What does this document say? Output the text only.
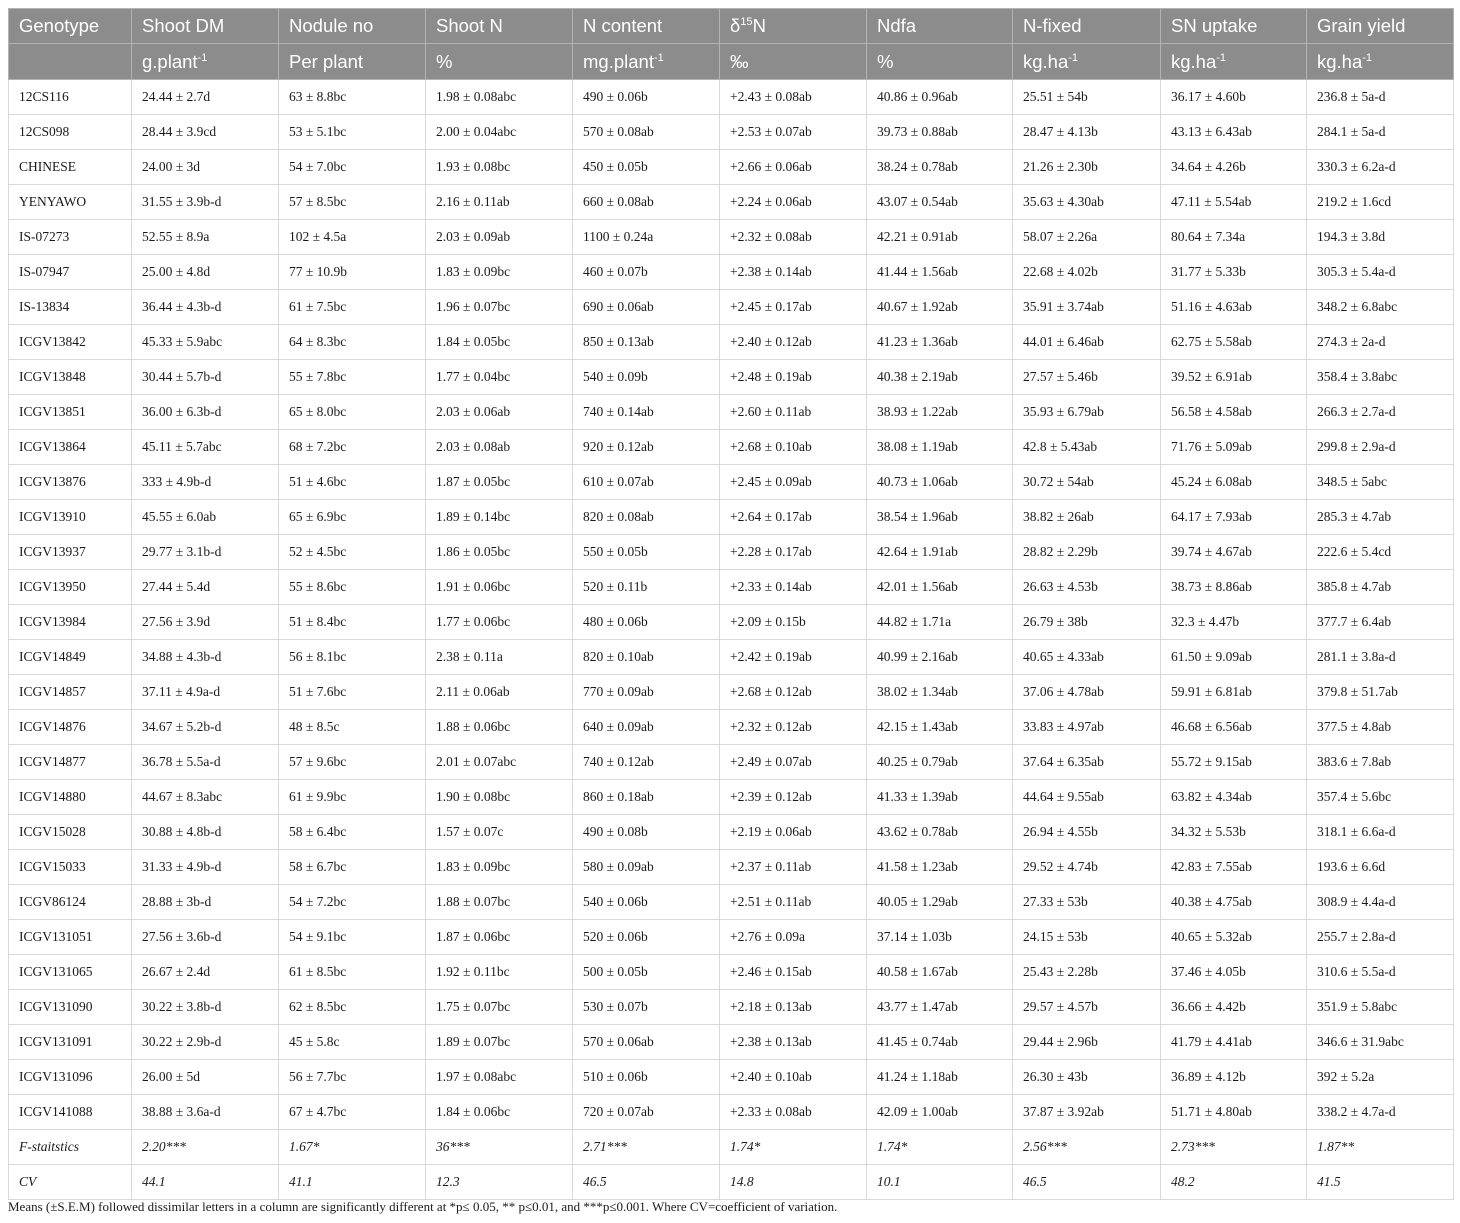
Genotype	Shoot DM	Nodule no	Shoot N	N content	$\delta^{15}N$	Ndfa	N-fixed	SN uptake	Grain yield
	g.plant$^{-1}$	Per plant	%	mg.plant$^{-1}$	‰	%	$kg.ha^{-1}$	$kg.ha^{-1}$	$kg.ha^{-1}$
12CS116	24.44 ± 2.7d	63 ± 8.8bc	1.98 ± 0.08abc	490 ± 0.06b	+2.43 ± 0.08ab	40.86 ± 0.96ab	25.51 ± 54b	36.17 ± 4.60b	236.8 ± 5a-d
12CS098	28.44 ± 3.9cd	53 ± 5.1bc	2.00 ± 0.04abc	570 ± 0.08ab	+2.53 ± 0.07ab	39.73 ± 0.88ab	28.47 ± 4.13b	43.13 ± 6.43ab	284.1 ± 5a-d
CHINESE	24.00 ± 3d	54 ± 7.0bc	1.93 ± 0.08bc	450 ± 0.05b	+2.66 ± 0.06ab	38.24 ± 0.78ab	21.26 ± 2.30b	34.64 ± 4.26b	330.3 ± 6.2a-d
YENYAWO	31.55 ± 3.9b-d	57 ± 8.5bc	2.16 ± 0.11ab	660 ± 0.08ab	+2.24 ± 0.06ab	43.07 ± 0.54ab	35.63 ± 4.30ab	47.11 ± 5.54ab	219.2 ± 1.6cd
IS-07273	52.55 ± 8.9a	102 ± 4.5a	2.03 ± 0.09ab	1100 ± 0.24a	+2.32 ± 0.08ab	42.21 ± 0.91ab	58.07 ± 2.26a	80.64 ± 7.34a	194.3 ± 3.8d
IS-07947	25.00 ± 4.8d	77 ± 10.9b	1.83 ± 0.09bc	460 ± 0.07b	+2.38 ± 0.14ab	41.44 ± 1.56ab	22.68 ± 4.02b	31.77 ± 5.33b	305.3 ± 5.4a-d
IS-13834	36.44 ± 4.3b-d	61 ± 7.5bc	1.96 ± 0.07bc	690 ± 0.06ab	+2.45 ± 0.17ab	40.67 ± 1.92ab	35.91 ± 3.74ab	51.16 ± 4.63ab	348.2 ± 6.8abc
ICGV13842	45.33 ± 5.9abc	64 ± 8.3bc	1.84 ± 0.05bc	850 ± 0.13ab	+2.40 ± 0.12ab	41.23 ± 1.36ab	44.01 ± 6.46ab	62.75 ± 5.58ab	274.3 ± 2a-d
ICGV13848	30.44 ± 5.7b-d	55 ± 7.8bc	1.77 ± 0.04bc	540 ± 0.09b	+2.48 ± 0.19ab	40.38 ± 2.19ab	27.57 ± 5.46b	39.52 ± 6.91ab	358.4 ± 3.8abc
ICGV13851	36.00 ± 6.3b-d	65 ± 8.0bc	2.03 ± 0.06ab	740 ± 0.14ab	+2.60 ± 0.11ab	38.93 ± 1.22ab	35.93 ± 6.79ab	56.58 ± 4.58ab	266.3 ± 2.7a-d
ICGV13864	45.11 ± 5.7abc	68 ± 7.2bc	2.03 ± 0.08ab	920 ± 0.12ab	+2.68 ± 0.10ab	38.08 ± 1.19ab	42.8 ± 5.43ab	71.76 ± 5.09ab	299.8 ± 2.9a-d
ICGV13876	333 ± 4.9b-d	51 ± 4.6bc	1.87 ± 0.05bc	610 ± 0.07ab	+2.45 ± 0.09ab	40.73 ± 1.06ab	30.72 ± 54ab	45.24 ± 6.08ab	348.5 ± 5abc
ICGV13910	45.55 ± 6.0ab	65 ± 6.9bc	1.89 ± 0.14bc	820 ± 0.08ab	+2.64 ± 0.17ab	38.54 ± 1.96ab	38.82 ± 26ab	64.17 ± 7.93ab	285.3 ± 4.7ab
ICGV13937	29.77 ± 3.1b-d	52 ± 4.5bc	1.86 ± 0.05bc	550 ± 0.05b	+2.28 ± 0.17ab	42.64 ± 1.91ab	28.82 ± 2.29b	39.74 ± 4.67ab	222.6 ± 5.4cd
ICGV13950	27.44 ± 5.4d	55 ± 8.6bc	1.91 ± 0.06bc	520 ± 0.11b	+2.33 ± 0.14ab	42.01 ± 1.56ab	26.63 ± 4.53b	38.73 ± 8.86ab	385.8 ± 4.7ab
ICGV13984	27.56 ± 3.9d	51 ± 8.4bc	1.77 ± 0.06bc	480 ± 0.06b	+2.09 ± 0.15b	44.82 ± 1.71a	26.79 ± 38b	32.3 ± 4.47b	377.7 ± 6.4ab
ICGV14849	34.88 ± 4.3b-d	56 ± 8.1bc	2.38 ± 0.11a	820 ± 0.10ab	+2.42 ± 0.19ab	40.99 ± 2.16ab	40.65 ± 4.33ab	61.50 ± 9.09ab	281.1 ± 3.8a-d
ICGV14857	37.11 ± 4.9a-d	51 ± 7.6bc	2.11 ± 0.06ab	770 ± 0.09ab	+2.68 ± 0.12ab	38.02 ± 1.34ab	37.06 ± 4.78ab	59.91 ± 6.81ab	379.8 ± 51.7ab
ICGV14876	34.67 ± 5.2b-d	48 ± 8.5c	1.88 ± 0.06bc	640 ± 0.09ab	+2.32 ± 0.12ab	42.15 ± 1.43ab	33.83 ± 4.97ab	46.68 ± 6.56ab	377.5 ± 4.8ab
ICGV14877	36.78 ± 5.5a-d	57 ± 9.6bc	2.01 ± 0.07abc	740 ± 0.12ab	+2.49 ± 0.07ab	40.25 ± 0.79ab	37.64 ± 6.35ab	55.72 ± 9.15ab	383.6 ± 7.8ab
ICGV14880	44.67 ± 8.3abc	61 ± 9.9bc	1.90 ± 0.08bc	860 ± 0.18ab	+2.39 ± 0.12ab	41.33 ± 1.39ab	44.64 ± 9.55ab	63.82 ± 4.34ab	357.4 ± 5.6bc
ICGV15028	30.88 ± 4.8b-d	58 ± 6.4bc	1.57 ± 0.07c	490 ± 0.08b	+2.19 ± 0.06ab	43.62 ± 0.78ab	26.94 ± 4.55b	34.32 ± 5.53b	318.1 ± 6.6a-d
ICGV15033	31.33 ± 4.9b-d	58 ± 6.7bc	1.83 ± 0.09bc	580 ± 0.09ab	+2.37 ± 0.11ab	41.58 ± 1.23ab	29.52 ± 4.74b	42.83 ± 7.55ab	193.6 ± 6.6d
ICGV86124	28.88 ± 3b-d	54 ± 7.2bc	1.88 ± 0.07bc	540 ± 0.06b	+2.51 ± 0.11ab	40.05 ± 1.29ab	27.33 ± 53b	40.38 ± 4.75ab	308.9 ± 4.4a-d
ICGV131051	27.56 ± 3.6b-d	54 ± 9.1bc	1.87 ± 0.06bc	520 ± 0.06b	+2.76 ± 0.09a	37.14 ± 1.03b	24.15 ± 53b	40.65 ± 5.32ab	255.7 ± 2.8a-d
ICGV131065	26.67 ± 2.4d	61 ± 8.5bc	1.92 ± 0.11bc	500 ± 0.05b	+2.46 ± 0.15ab	40.58 ± 1.67ab	25.43 ± 2.28b	37.46 ± 4.05b	310.6 ± 5.5a-d
ICGV131090	30.22 ± 3.8b-d	62 ± 8.5bc	1.75 ± 0.07bc	530 ± 0.07b	+2.18 ± 0.13ab	43.77 ± 1.47ab	29.57 ± 4.57b	36.66 ± 4.42b	351.9 ± 5.8abc
ICGV131091	30.22 ± 2.9b-d	45 ± 5.8c	1.89 ± 0.07bc	570 ± 0.06ab	+2.38 ± 0.13ab	41.45 ± 0.74ab	29.44 ± 2.96b	41.79 ± 4.41ab	346.6 ± 31.9abc
ICGV131096	26.00 ± 5d	56 ± 7.7bc	1.97 ± 0.08abc	510 ± 0.06b	+2.40 ± 0.10ab	41.24 ± 1.18ab	26.30 ± 43b	36.89 ± 4.12b	392 ± 5.2a
ICGV141088	38.88 ± 3.6a-d	67 ± 4.7bc	1.84 ± 0.06bc	720 ± 0.07ab	+2.33 ± 0.08ab	42.09 ± 1.00ab	37.87 ± 3.92ab	51.71 ± 4.80ab	338.2 ± 4.7a-d
F-staitstics	2.20***	1.67*	36***	2.71***	1.74*	1.74*	2.56***	2.73***	1.87**
CV	44.1	41.1	12.3	46.5	14.8	10.1	46.5	48.2	41.5
Means (±S.E.M) followed dissimilar letters in a column are significantly different at *p≤ 0.05, ** p≤0.01, and ***p≤0.001. Where CV=coefficient of variation.
